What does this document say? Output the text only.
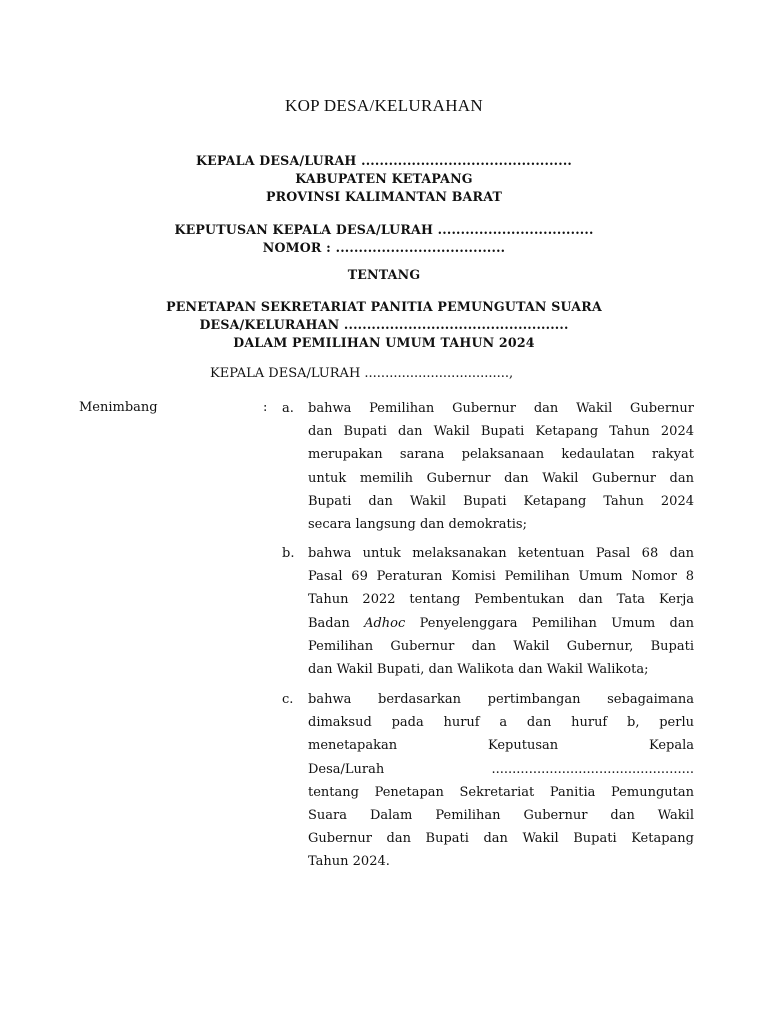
KOP DESA/KELURAHAN
KEPALA DESA/LURAH ..............................................
KABUPATEN KETAPANG
PROVINSI KALIMANTAN BARAT
KEPUTUSAN KEPALA DESA/LURAH ..................................
NOMOR : .....................................
TENTANG
PENETAPAN SEKRETARIAT PANITIA PEMUNGUTAN SUARA
DESA/KELURAHAN .................................................
DALAM PEMILIHAN UMUM TAHUN 2024
KEPALA DESA/LURAH ...................................,
Menimbang	: a.	bahwa Pemilihan Gubernur dan Wakil Gubernur
dan Bupati dan Wakil Bupati Ketapang Tahun 2024
merupakan sarana pelaksanaan kedaulatan rakyat
untuk memilih Gubernur dan Wakil Gubernur dan
Bupati dan Wakil Bupati Ketapang Tahun 2024
secara langsung dan demokratis;
b.	bahwa untuk melaksanakan ketentuan Pasal 68 dan
Pasal 69 Peraturan Komisi Pemilihan Umum Nomor 8
Tahun 2022 tentang Pembentukan dan Tata Kerja
Badan Adhoc Penyelenggara Pemilihan Umum dan
Pemilihan Gubernur dan Wakil Gubernur, Bupati
dan Wakil Bupati, dan Walikota dan Wakil Walikota;
c.	bahwa berdasarkan pertimbangan sebagaimana
dimaksud pada huruf a dan huruf b, perlu
menetapakan Keputusan Kepala
Desa/Lurah .................................................
tentang Penetapan Sekretariat Panitia Pemungutan
Suara Dalam Pemilihan Gubernur dan Wakil
Gubernur dan Bupati dan Wakil Bupati Ketapang
Tahun 2024.
